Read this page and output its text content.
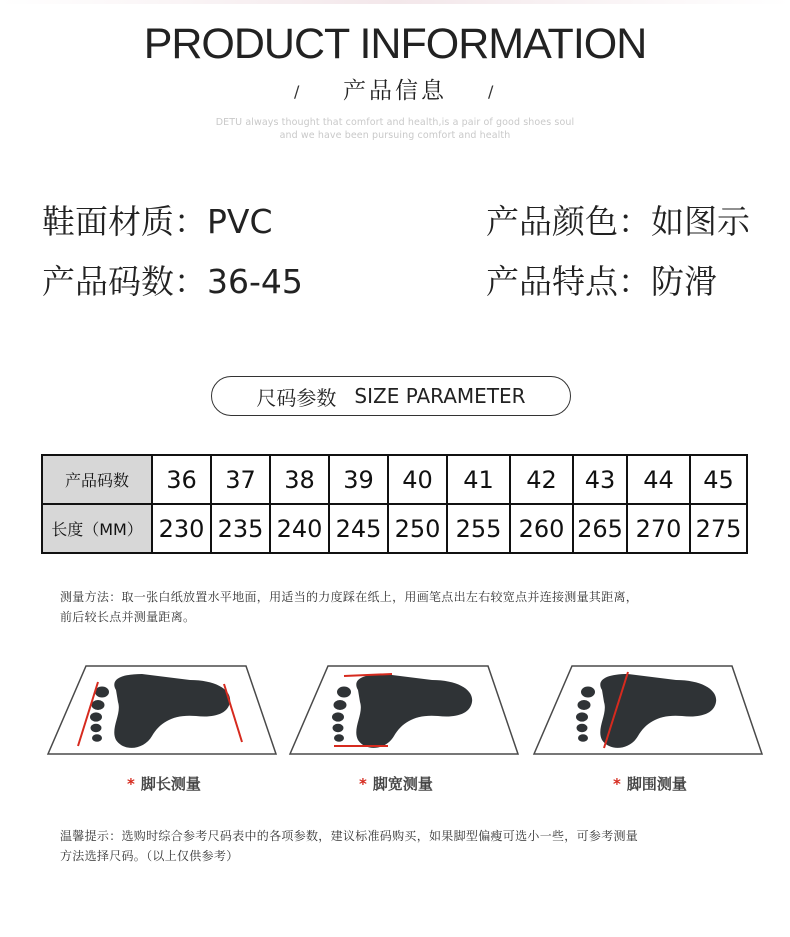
PRODUCT INFORMATION
/	产品信息	/
DETU always thought that comfort and health,is a pair of good shoes soul
and we have been pursuing comfort and health
鞋面材质：PVC	产品颜色：如图示
产品码数：36-45	产品特点：防滑
尺码参数 SIZE PARAMETER
产品码数	36	37	38	39	40	41	42	43	44	45
长度（MM）	230	235	240	245	250	255	260	265	270	275
测量方法：取一张白纸放置水平地面，用适当的力度踩在纸上，用画笔点出左右较宽点并连接测量其距离，
前后较长点并测量距离。
* 脚长测量	* 脚宽测量	* 脚围测量
温馨提示：选购时综合参考尺码表中的各项参数，建议标准码购买，如果脚型偏瘦可选小一些，可参考测量
方法选择尺码。（以上仅供参考）
